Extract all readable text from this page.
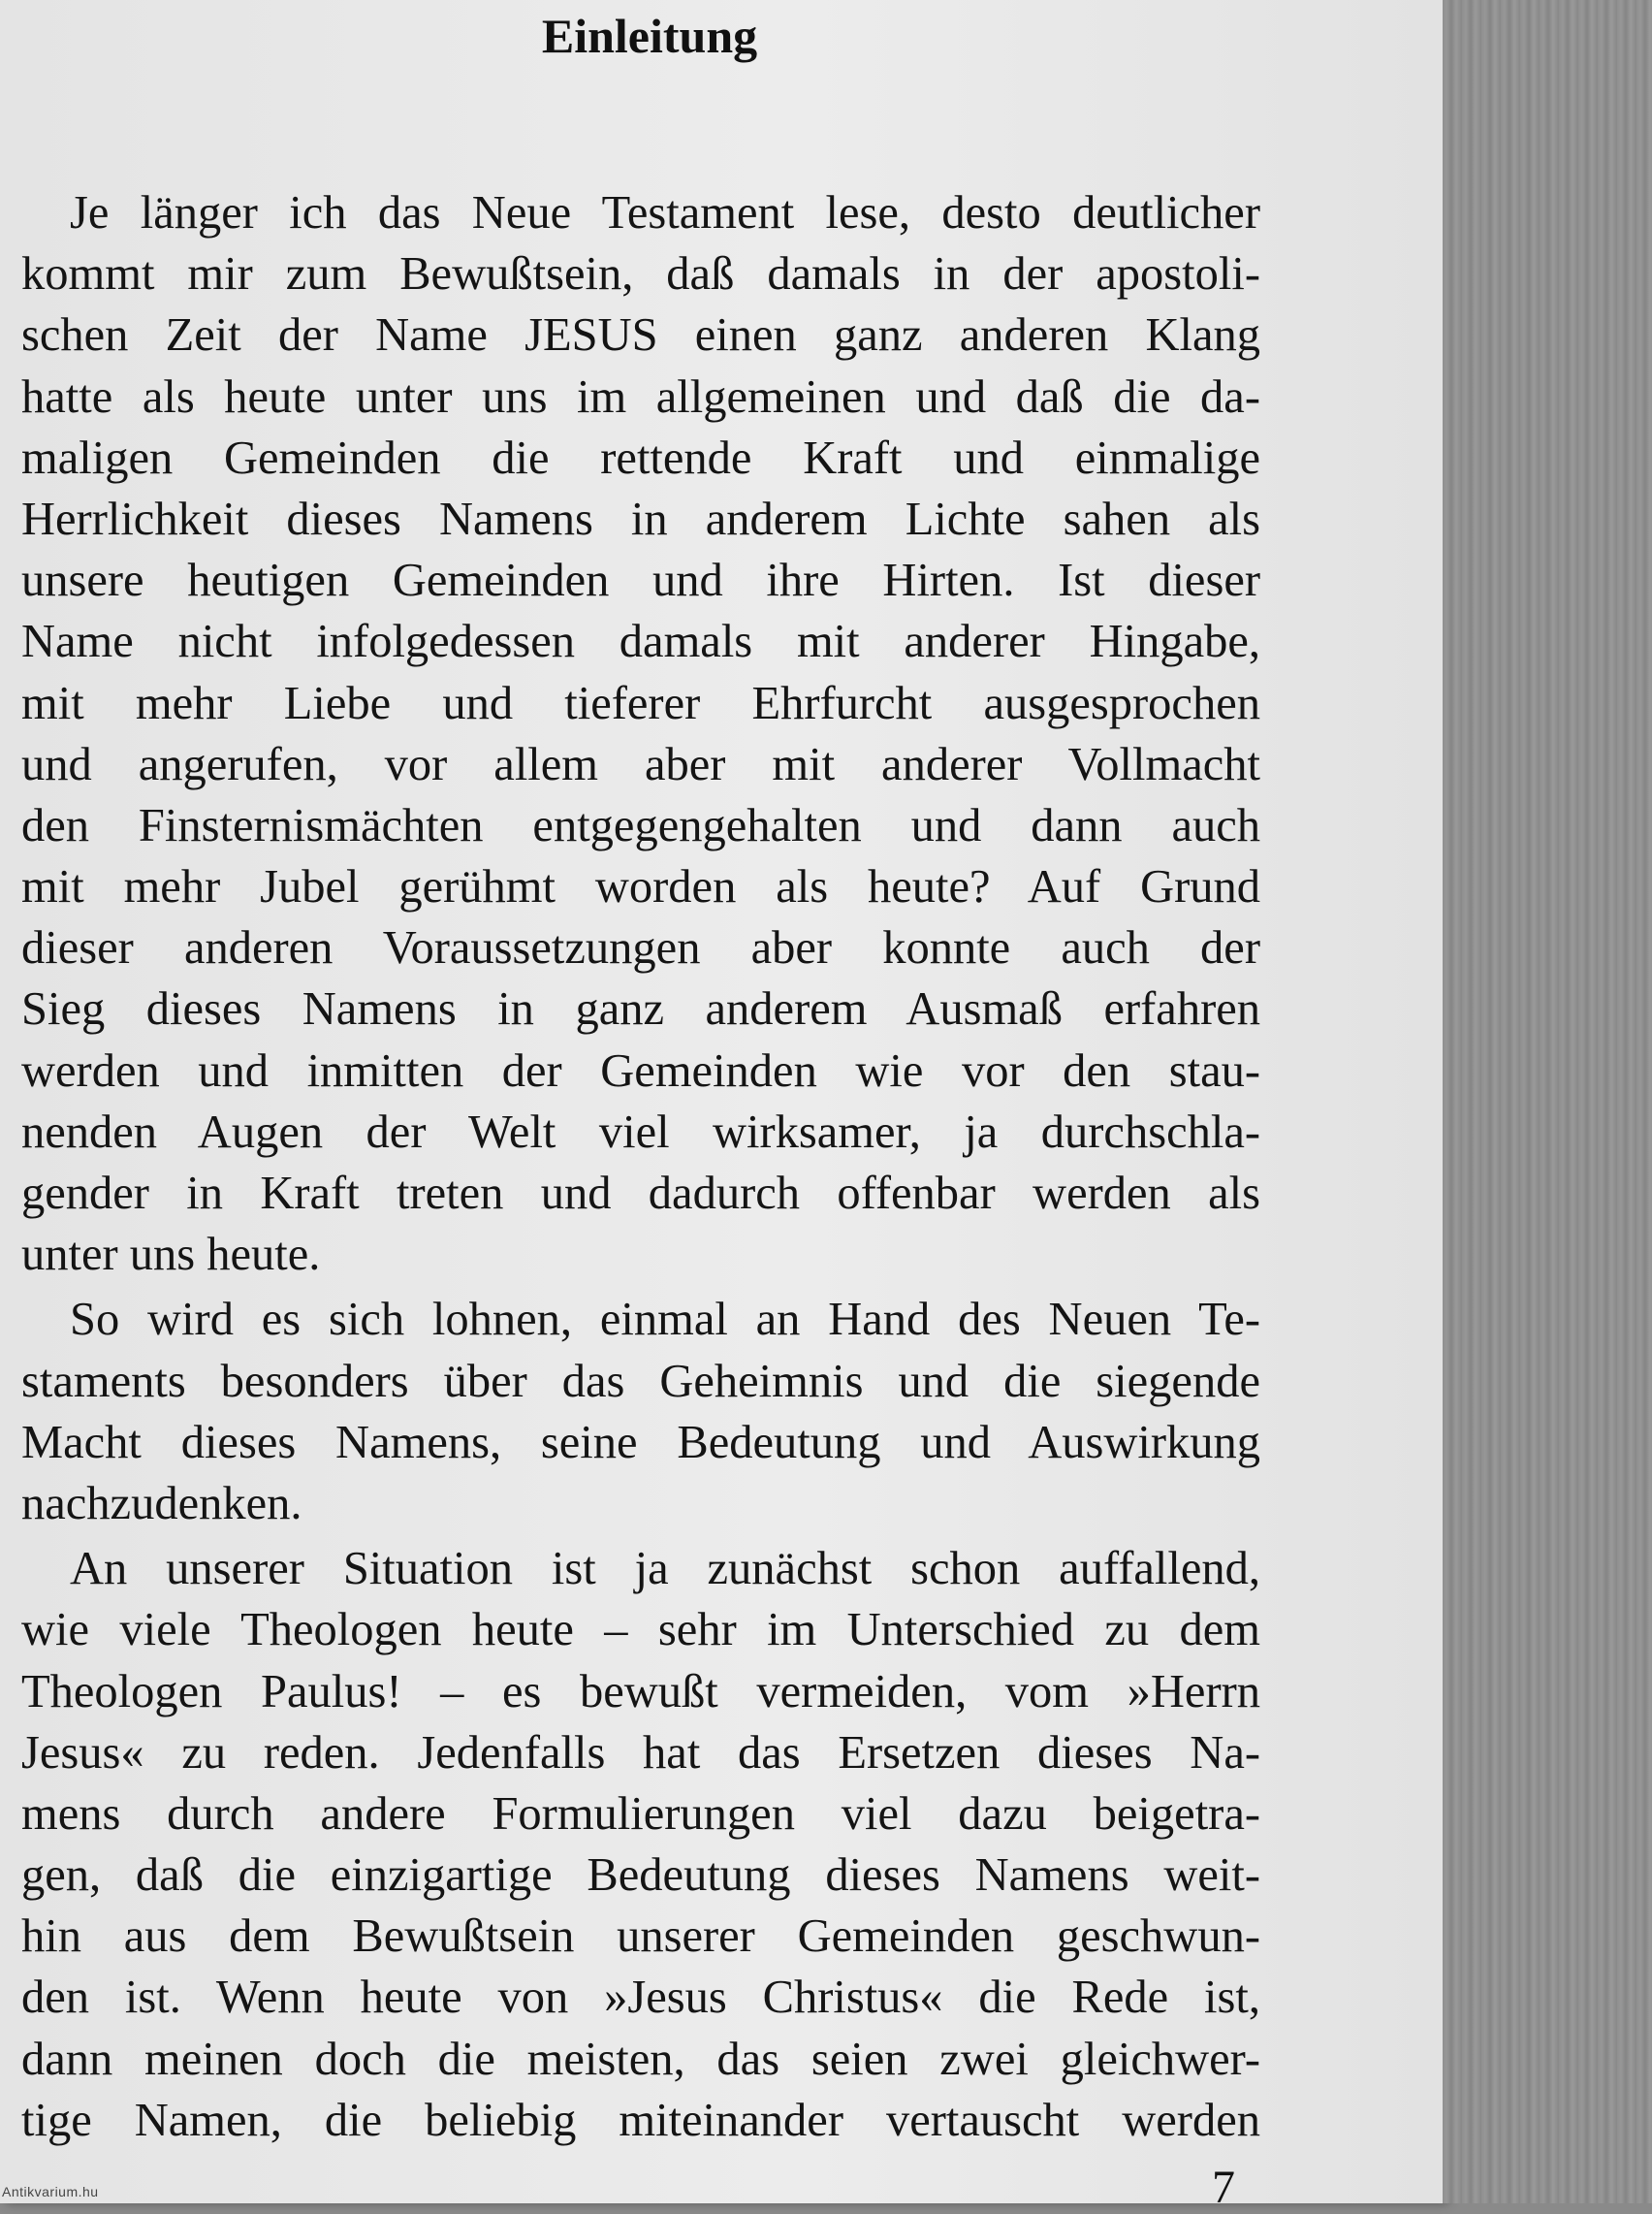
Einleitung
Je länger ich das Neue Testament lese, desto deutlicher
kommt mir zum Bewußtsein, daß damals in der apostoli-
schen Zeit der Name JESUS einen ganz anderen Klang
hatte als heute unter uns im allgemeinen und daß die da-
maligen Gemeinden die rettende Kraft und einmalige
Herrlichkeit dieses Namens in anderem Lichte sahen als
unsere heutigen Gemeinden und ihre Hirten. Ist dieser
Name nicht infolgedessen damals mit anderer Hingabe,
mit mehr Liebe und tieferer Ehrfurcht ausgesprochen
und angerufen, vor allem aber mit anderer Vollmacht
den Finsternismächten entgegengehalten und dann auch
mit mehr Jubel gerühmt worden als heute? Auf Grund
dieser anderen Voraussetzungen aber konnte auch der
Sieg dieses Namens in ganz anderem Ausmaß erfahren
werden und inmitten der Gemeinden wie vor den stau-
nenden Augen der Welt viel wirksamer, ja durchschla-
gender in Kraft treten und dadurch offenbar werden als
unter uns heute.
So wird es sich lohnen, einmal an Hand des Neuen Te-
staments besonders über das Geheimnis und die siegende
Macht dieses Namens, seine Bedeutung und Auswirkung
nachzudenken.
An unserer Situation ist ja zunächst schon auffallend,
wie viele Theologen heute – sehr im Unterschied zu dem
Theologen Paulus! – es bewußt vermeiden, vom »Herrn
Jesus« zu reden. Jedenfalls hat das Ersetzen dieses Na-
mens durch andere Formulierungen viel dazu beigetra-
gen, daß die einzigartige Bedeutung dieses Namens weit-
hin aus dem Bewußtsein unserer Gemeinden geschwun-
den ist. Wenn heute von »Jesus Christus« die Rede ist,
dann meinen doch die meisten, das seien zwei gleichwer-
tige Namen, die beliebig miteinander vertauscht werden
7
Antikvarium.hu
